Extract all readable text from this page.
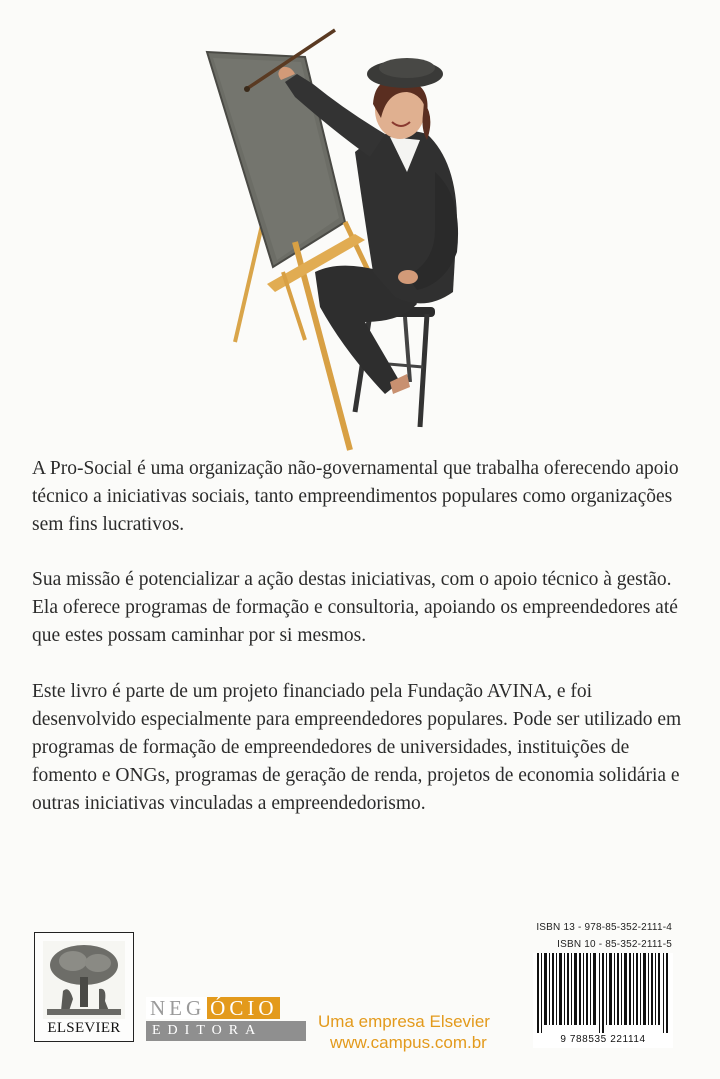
A Pro-Social é uma organização não-governamental que trabalha oferecendo apoio técnico a iniciativas sociais, tanto empreendimentos populares como organizações sem fins lucrativos.

Sua missão é potencializar a ação destas iniciativas, com o apoio técnico à gestão. Ela oferece programas de formação e consultoria, apoiando os empreendedores até que estes possam caminhar por si mesmos.

Este livro é parte de um projeto financiado pela Fundação AVINA, e foi desenvolvido especialmente para empreendedores populares. Pode ser utilizado em programas de formação de empreendedores de universidades, instituições de fomento e ONGs, programas de geração de renda, projetos de economia solidária e outras iniciativas vinculadas a empreendedorismo.

ISBN 13 - 978-85-352-2111-4
ISBN 10 - 85-352-2111-5
9 788535 221114
ELSEVIER
NEG ÓCIO
EDITORA	Uma empresa Elsevier
www.campus.com.br
